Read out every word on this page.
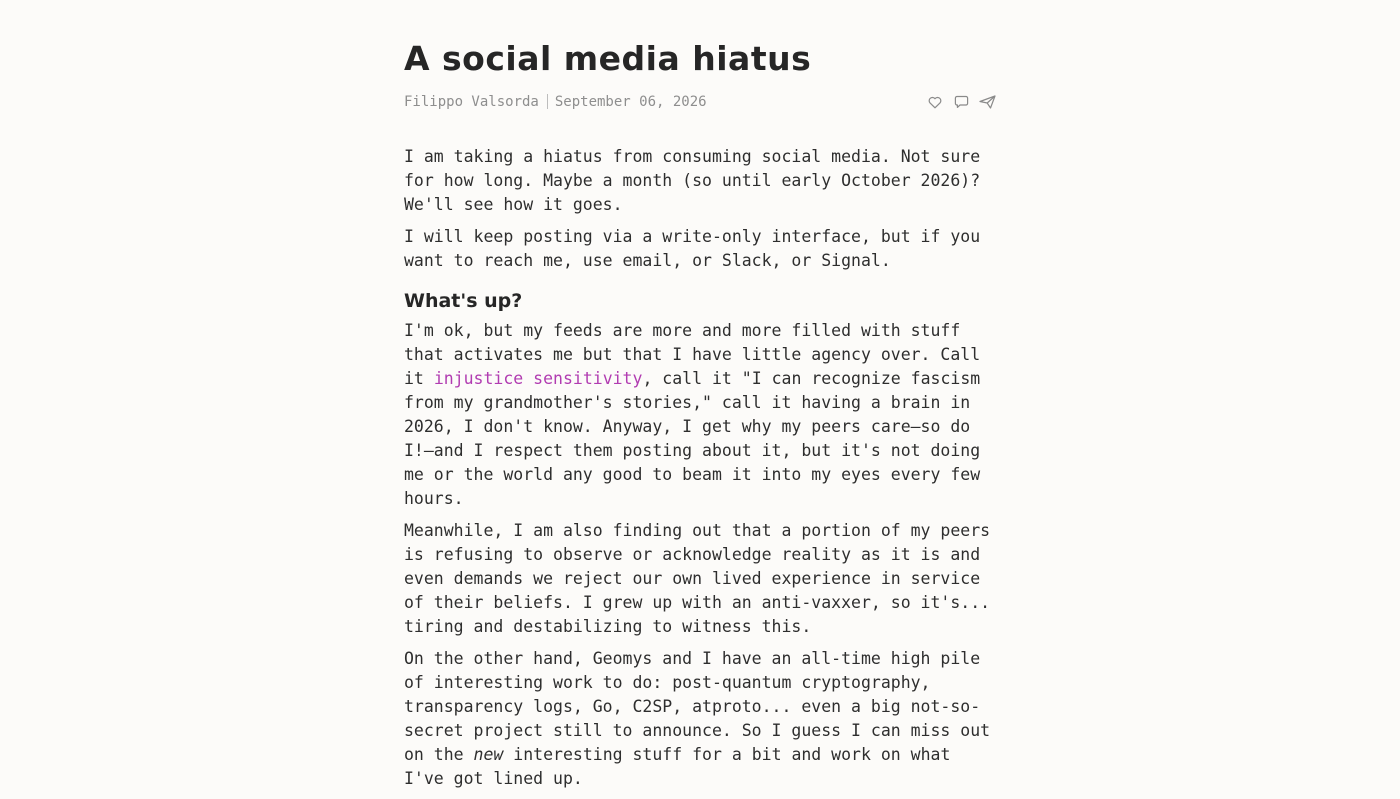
A social media hiatus
Filippo Valsorda September 06, 2026

I am taking a hiatus from consuming social media. Not sure for how long. Maybe a month (so until early October 2026)? We'll see how it goes.

I will keep posting via a write-only interface, but if you want to reach me, use email, or Slack, or Signal.

What's up?

I'm ok, but my feeds are more and more filled with stuff that activates me but that I have little agency over. Call it injustice sensitivity, call it "I can recognize fascism from my grandmother's stories," call it having a brain in 2026, I don't know. Anyway, I get why my peers care—so do I!—and I respect them posting about it, but it's not doing me or the world any good to beam it into my eyes every few hours.

Meanwhile, I am also finding out that a portion of my peers is refusing to observe or acknowledge reality as it is and even demands we reject our own lived experience in service of their beliefs. I grew up with an anti-vaxxer, so it's... tiring and destabilizing to witness this.

On the other hand, Geomys and I have an all-time high pile of interesting work to do: post-quantum cryptography, transparency logs, Go, C2SP, atproto... even a big not-so-secret project still to announce. So I guess I can miss out on the new interesting stuff for a bit and work on what I've got lined up.
